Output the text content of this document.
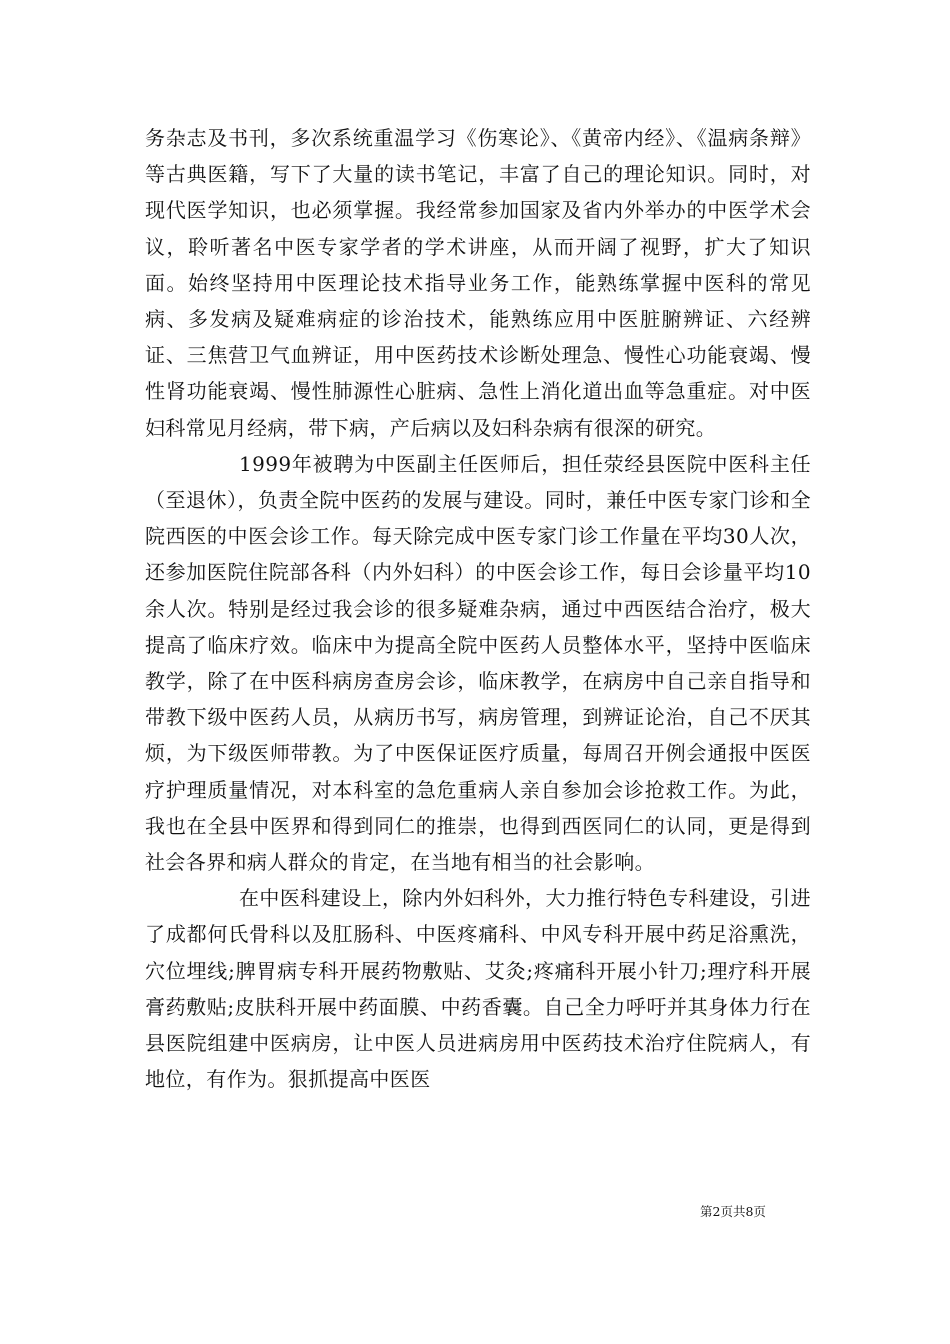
务杂志及书刊，多次系统重温学习《伤寒论》、《黄帝内经》、《温病条辩》等古典医籍，写下了大量的读书笔记，丰富了自己的理论知识。同时，对现代医学知识，也必须掌握。我经常参加国家及省内外举办的中医学术会议，聆听著名中医专家学者的学术讲座，从而开阔了视野，扩大了知识面。始终坚持用中医理论技术指导业务工作，能熟练掌握中医科的常见病、多发病及疑难病症的诊治技术，能熟练应用中医脏腑辨证、六经辨证、三焦营卫气血辨证，用中医药技术诊断处理急、慢性心功能衰竭、慢性肾功能衰竭、慢性肺源性心脏病、急性上消化道出血等急重症。对中医妇科常见月经病，带下病，产后病以及妇科杂病有很深的研究。

1999年被聘为中医副主任医师后，担任荥经县医院中医科主任（至退休），负责全院中医药的发展与建设。同时，兼任中医专家门诊和全院西医的中医会诊工作。每天除完成中医专家门诊工作量在平均30人次，还参加医院住院部各科（内外妇科）的中医会诊工作，每日会诊量平均10余人次。特别是经过我会诊的很多疑难杂病，通过中西医结合治疗，极大提高了临床疗效。临床中为提高全院中医药人员整体水平，坚持中医临床教学，除了在中医科病房查房会诊，临床教学，在病房中自己亲自指导和带教下级中医药人员，从病历书写，病房管理，到辨证论治，自己不厌其烦，为下级医师带教。为了中医保证医疗质量，每周召开例会通报中医医疗护理质量情况，对本科室的急危重病人亲自参加会诊抢救工作。为此，我也在全县中医界和得到同仁的推崇，也得到西医同仁的认同，更是得到社会各界和病人群众的肯定，在当地有相当的社会影响。

在中医科建设上，除内外妇科外，大力推行特色专科建设，引进了成都何氏骨科以及肛肠科、中医疼痛科、中风专科开展中药足浴熏洗，穴位埋线;脾胃病专科开展药物敷贴、艾灸;疼痛科开展小针刀;理疗科开展膏药敷贴;皮肤科开展中药面膜、中药香囊。自己全力呼吁并其身体力行在县医院组建中医病房，让中医人员进病房用中医药技术治疗住院病人，有地位，有作为。狠抓提高中医医

第2页共8页
